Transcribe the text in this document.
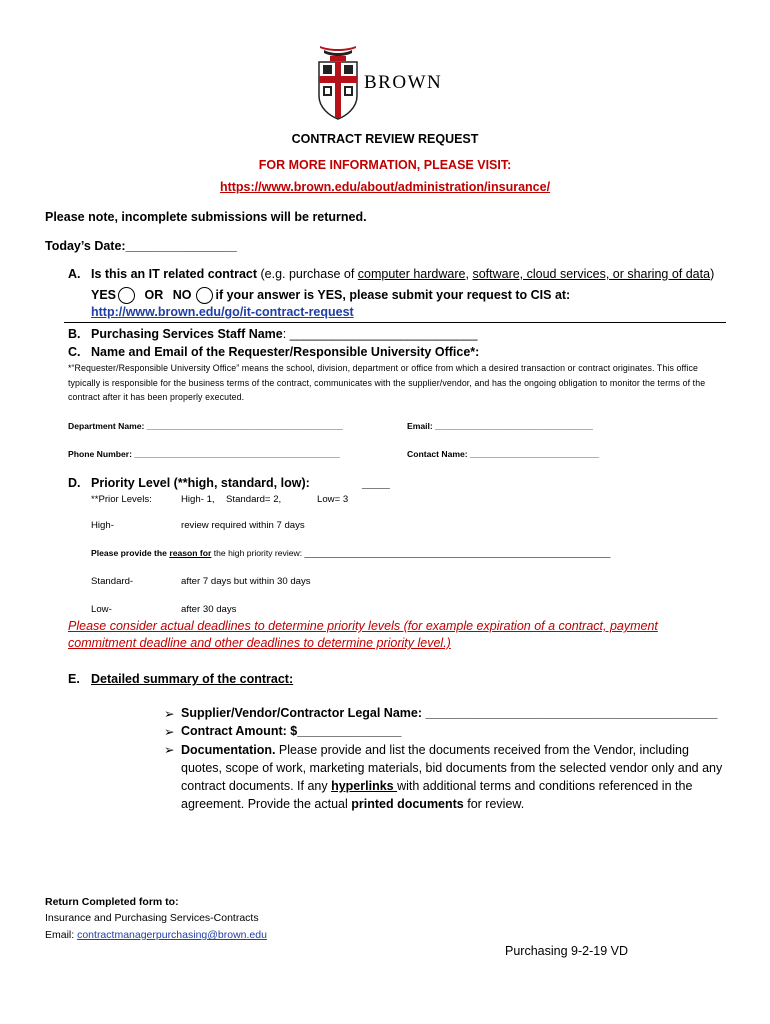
BROWN
CONTRACT REVIEW REQUEST
FOR MORE INFORMATION, PLEASE VISIT:
https://www.brown.edu/about/administration/insurance/
Please note, incomplete submissions will be returned.
Today’s Date:________________
A. Is this an IT related contract (e.g. purchase of computer hardware, software, cloud services, or sharing of data)
YES OR NO if your answer is YES, please submit your request to CIS at:
http://www.brown.edu/go/it-contract-request
B. Purchasing Services Staff Name: ___________________________
C. Name and Email of the Requester/Responsible University Office*:
*“Requester/Responsible University Office” means the school, division, department or office from which a desired transaction or contract originates. This office typically is responsible for the business terms of the contract, communicates with the supplier/vendor, and has the ongoing obligation to monitor the terms of the contract after it has been properly executed.
Department Name: _________________________________________	Email: _________________________________
Phone Number: ___________________________________________	Contact Name: ___________________________
D. Priority Level (**high, standard, low):	____
**Prior Levels:	High- 1, Standard= 2,	Low= 3
High-	review required within 7 days
Please provide the reason for the high priority review: ________________________________________________________________
Standard-	after 7 days but within 30 days
Low-	after 30 days
Please consider actual deadlines to determine priority levels (for example expiration of a contract, payment commitment deadline and other deadlines to determine priority level.)
E. Detailed summary of the contract:
➢ Supplier/Vendor/Contractor Legal Name: __________________________________________
➢ Contract Amount: $_______________
➢ Documentation. Please provide and list the documents received from the Vendor, including quotes, scope of work, marketing materials, bid documents from the selected vendor only and any contract documents. If any hyperlinks with additional terms and conditions referenced in the agreement. Provide the actual printed documents for review.
Return Completed form to:
Insurance and Purchasing Services-Contracts
Email: contractmanagerpurchasing@brown.edu
Purchasing 9-2-19 VD
